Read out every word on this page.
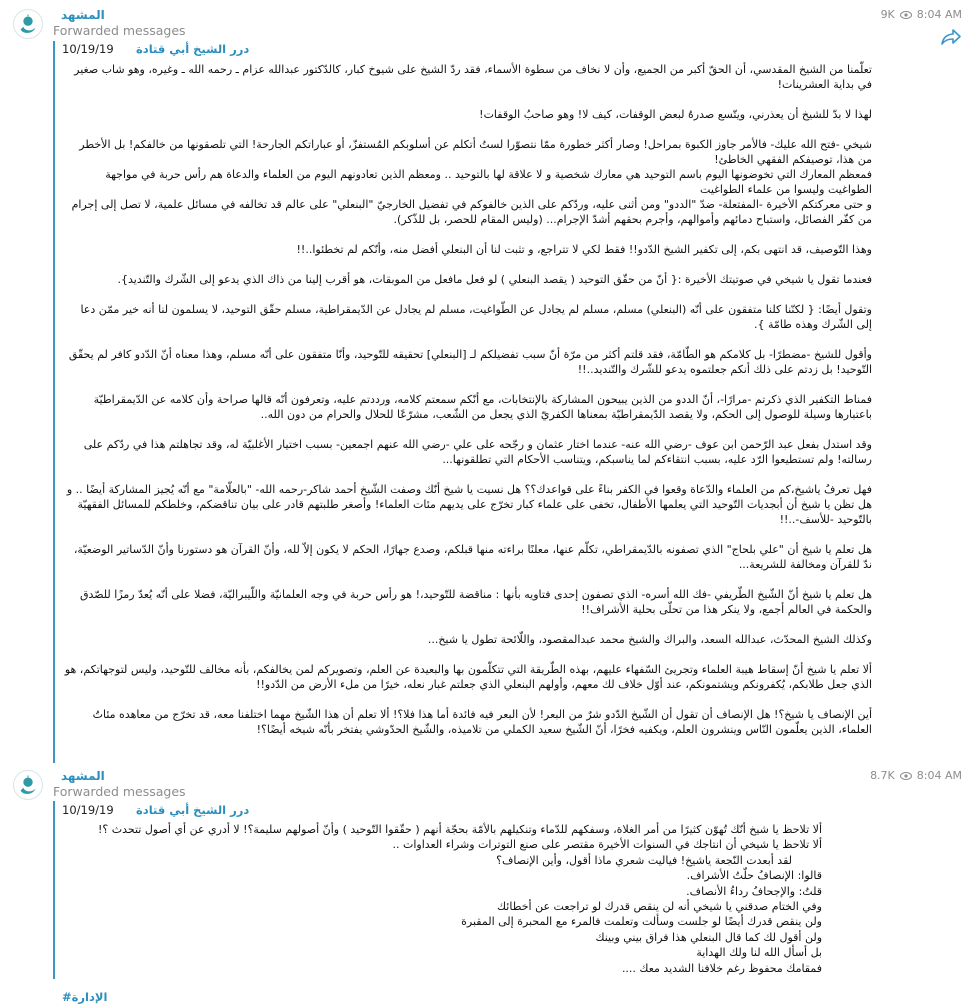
المشهد
Forwarded messages
9K 8:04 AM
10/19/19 درر الشيخ أبي قتادة

تعلّمنا من الشيخ المقدسي، أن الحقّ أكبر من الجميع، وأن لا نخاف من سطوة الأسماء، فقد ردّ الشيخ على شيوخ كبار، كالدّكتور عبدالله عزام ـ رحمه الله ـ وغيره، وهو شاب صغير في بداية العشرينات!

لهذا لا بدّ للشيخ أن يعذرني، ويتّسع صدرهُ لبعض الوقفات، كيف لا! وهو صاحبُ الوقفات!

شيخي -فتح الله عليك- فالأمر جاوز الكبوة بمراحل! وصار أكثر خطورة ممّا نتصوّرا لستُ أتكلم عن أسلوبكم المُستفزّ، أو عباراتكم الجارحة! التي تلصقونها من خالفكم! بل الأخطر من هذا، توصيفكم الفقهي الخاطئ!

فمعظم المعارك التي تخوضونها اليوم باسم التوحيد هي معارك شخصية و لا علاقة لها بالتوحيد .. ومعظم الذين تعادونهم اليوم من العلماء والدعاة هم رأس حربة في مواجهة الطواغيت وليسوا من علماء الطواغيت

و حتى معركتكم الأخيرة -المفتعلة- ضدّ "الددو" ومن أثنى عليه، وردّكم على الذين خالفوكم في تفضيل الخارجيّ "البنعلي" على عالم قد تخالفه في مسائل علمية، لا تصل إلى إجرام من كفّر الفصائل، واستباح دمائهم وأموالهم، وأجرم بحقهم أشدّ الإجرام... (وليس المقام للحصر، بل للذّكر).

وهذا التّوصيف، قد انتهى بكم، إلى تكفير الشيخ الدّدو!! فقط لكي لا تتراجع، و تثبت لنا أن البنعلي أفضل منه، وأنّكم لم تخطئوا..!!

فعندما تقول يا شيخي في صوتيتك الأخيرة :{ أنّ من حقّق التوحيد ( يقصد البنعلي ) لو فعل مافعل من الموبقات، هو أقرب إلينا من ذاك الذي يدعو إلى الشّرك والتّنديد}.

وتقول أيضًا: { لكنّنا كلنا متفقون على أنّه (البنعلي) مسلم، مسلم لم يجادل عن الطّواغيت، مسلم لم يجادل عن الدّيمقراطية، مسلم حقّق التوحيد، لا يسلمون لنا أنه خير ممّن دعا إلى الشّرك وهذه طامّة }.

وأقول للشيخ -مضطرًا- بل كلامكم هو الطّامّة، فقد قلتم أكثر من مرّة أنّ سبب تفضيلكم لـ [البنعلي] تحقيقه للتّوحيد، وأنّا متفقون على أنّه مسلم، وهذا معناه أنّ الدّدو كافر لم يحقّق التّوحيد! بل زدتم على ذلك أنكم جعلتموه يدعو للشّرك والتّنديد..!!

فمناط التكفير الذي ذكرتم -مرارًا-، أنّ الددو من الذين يبيحون المشاركة بالإنتخابات، مع أنّكم سمعتم كلامه، ورددتم عليه، وتعرفون أنّه قالها صراحة وأن كلامه عن الدّيمقراطيّة باعتبارها وسيلة للوصول إلى الحكم، ولا يقصد الدّيمقراطيّة بمعناها الكفريّ الذي يجعل من الشّعب، مشرّعًا للحلال والحرام من دون الله..

وقد استدل بفعل عبد الرّحمن ابن عوف -رضي الله عنه- عندما اختار عثمان و رجّحه على علي -رضي الله عنهم اجمعين- بسبب اختيار الأغلبيّة له، وقد تجاهلتم هذا في ردّكم على رسالته! ولم تستطيعوا الرّد عليه، بسبب انتقاءكم لما يناسبكم، ويتناسب الأحكام التي تطلقونها...

فهل تعرفُ ياشيخ،كم من العلماء والدّعاة وقعوا في الكفر بناءً على قواعدك؟؟ هل نسيت يا شيخ أنّك وصفت الشّيخ أحمد شاكر-رحمه الله- "بالعلّامة" مع أنّه يُجيز المشاركة أيضًا .. و هل تظن يا شيخ أن أبجديات التّوحيد التي يعلمها الأطفال، تخفى على علماء كبار تخرّج على يديهم مئات العلماء! وأصغر طلبتهم قادر على بيان تناقضكم، وخلطكم للمسائل الفقهيّة بالتّوحيد -للأسف-..!!

هل تعلم يا شيخ أن "علي بلحاج" الذي تصفونه بالدّيمقراطي، تكلّم عنها، معلنًا براءته منها قبلكم، وصدع جهارًا، الحكم لا يكون إلاّ لله، وأنّ القرآن هو دستورنا وأنّ الدّساتير الوضعيّة، ندّ للقرآن ومخالفة للشريعة...

هل تعلم يا شيخ أنّ الشّيخ الطّريفي -فك الله أسره- الذي تصفون إحدى فتاويه بأنها : مناقضة للتّوحيد،! هو رأس حربة في وجه العلمانيّة واللّيبراليّة، فضلا على أنّه يُعدّ رمزًا للصّدق والحكمة في العالم أجمع، ولا ينكر هذا من تحلّى بحلية الأشراف!!

وكذلك الشيخ المحدّث، عبدالله السعد، والبراك والشيخ محمد عبدالمقصود، واللّائحة تطول يا شيخ...

ألا تعلم يا شيخ أنّ إسقاط هيبة العلماء وتجريئ السّفهاء عليهم، بهذه الطّريقة التي تتكلّمون بها والبعيدة عن العلم، وتصويركم لمن يخالفكم، بأنه مخالف للتّوحيد، وليس لتوجهاتكم، هو الذي جعل طلابكم، يُكفرونكم ويشتمونكم، عند أوّل خلاف لك معهم، وأولهم البنعلي الذي جعلتم غبار نعله، خيرًا من ملء الأرض من الدّدو!!

أين الإنصاف يا شيخ؟! هل الإنصاف أن تقول أن الشّيخ الدّدو شرٌ من البعر! لأن البعر فيه فائدة أما هذا فلا؟! ألا تعلم أن هذا الشّيخ مهما اختلفنا معه، قد تخرّج من معاهده مئاتُ العلماء، الذين يعلّمون النّاس وينشرون العلم، ويكفيه فخرًا، أنّ الشّيخ سعيد الكملي من تلاميذه، والشّيخ الحدّوشي يفتخر بأنّه شيخه أيضًا؟!

المشهد
Forwarded messages
8.7K 8:04 AM
10/19/19 درر الشيخ أبي قتادة

ألا تلاحظ يا شيخ أنّك تُهوّن كثيرًا من أمر الغلاة، وسفكهم للدّماء وتنكيلهم بالأمّة بحجّة أنهم ( حقّقوا التّوحيد ) وأنّ أصولهم سليمة؟! لا أدري عن أي أصول تتحدث ؟!

ألا تلاحظ يا شيخي أن انتاجك في السنوات الأخيرة مقتصر على صنع التوترات وشراء العداوات ..

لقد أبعدت النّجعة ياشيخ! فياليت شعري ماذا أقول، وأين الإنصاف؟

قالوا: الإنصافُ حلّتُ الأشراف.

قلتُ: والإجحافُ رداءُ الأنصاف.

وفي الختام صدقني يا شيخي أنه لن ينقص قدرك لو تراجعت عن أخطائك

ولن ينقص قدرك أيضًا لو جلست وسألت وتعلمت فالمرء مع المحبرة إلى المقبرة

ولن أقول لك كما قال البنعلي هذا فراق بيني وبينك

بل أسأل الله لنا ولك الهداية

فمقامك محفوظ رغم خلافنا الشديد معك ....

#الإدارة
